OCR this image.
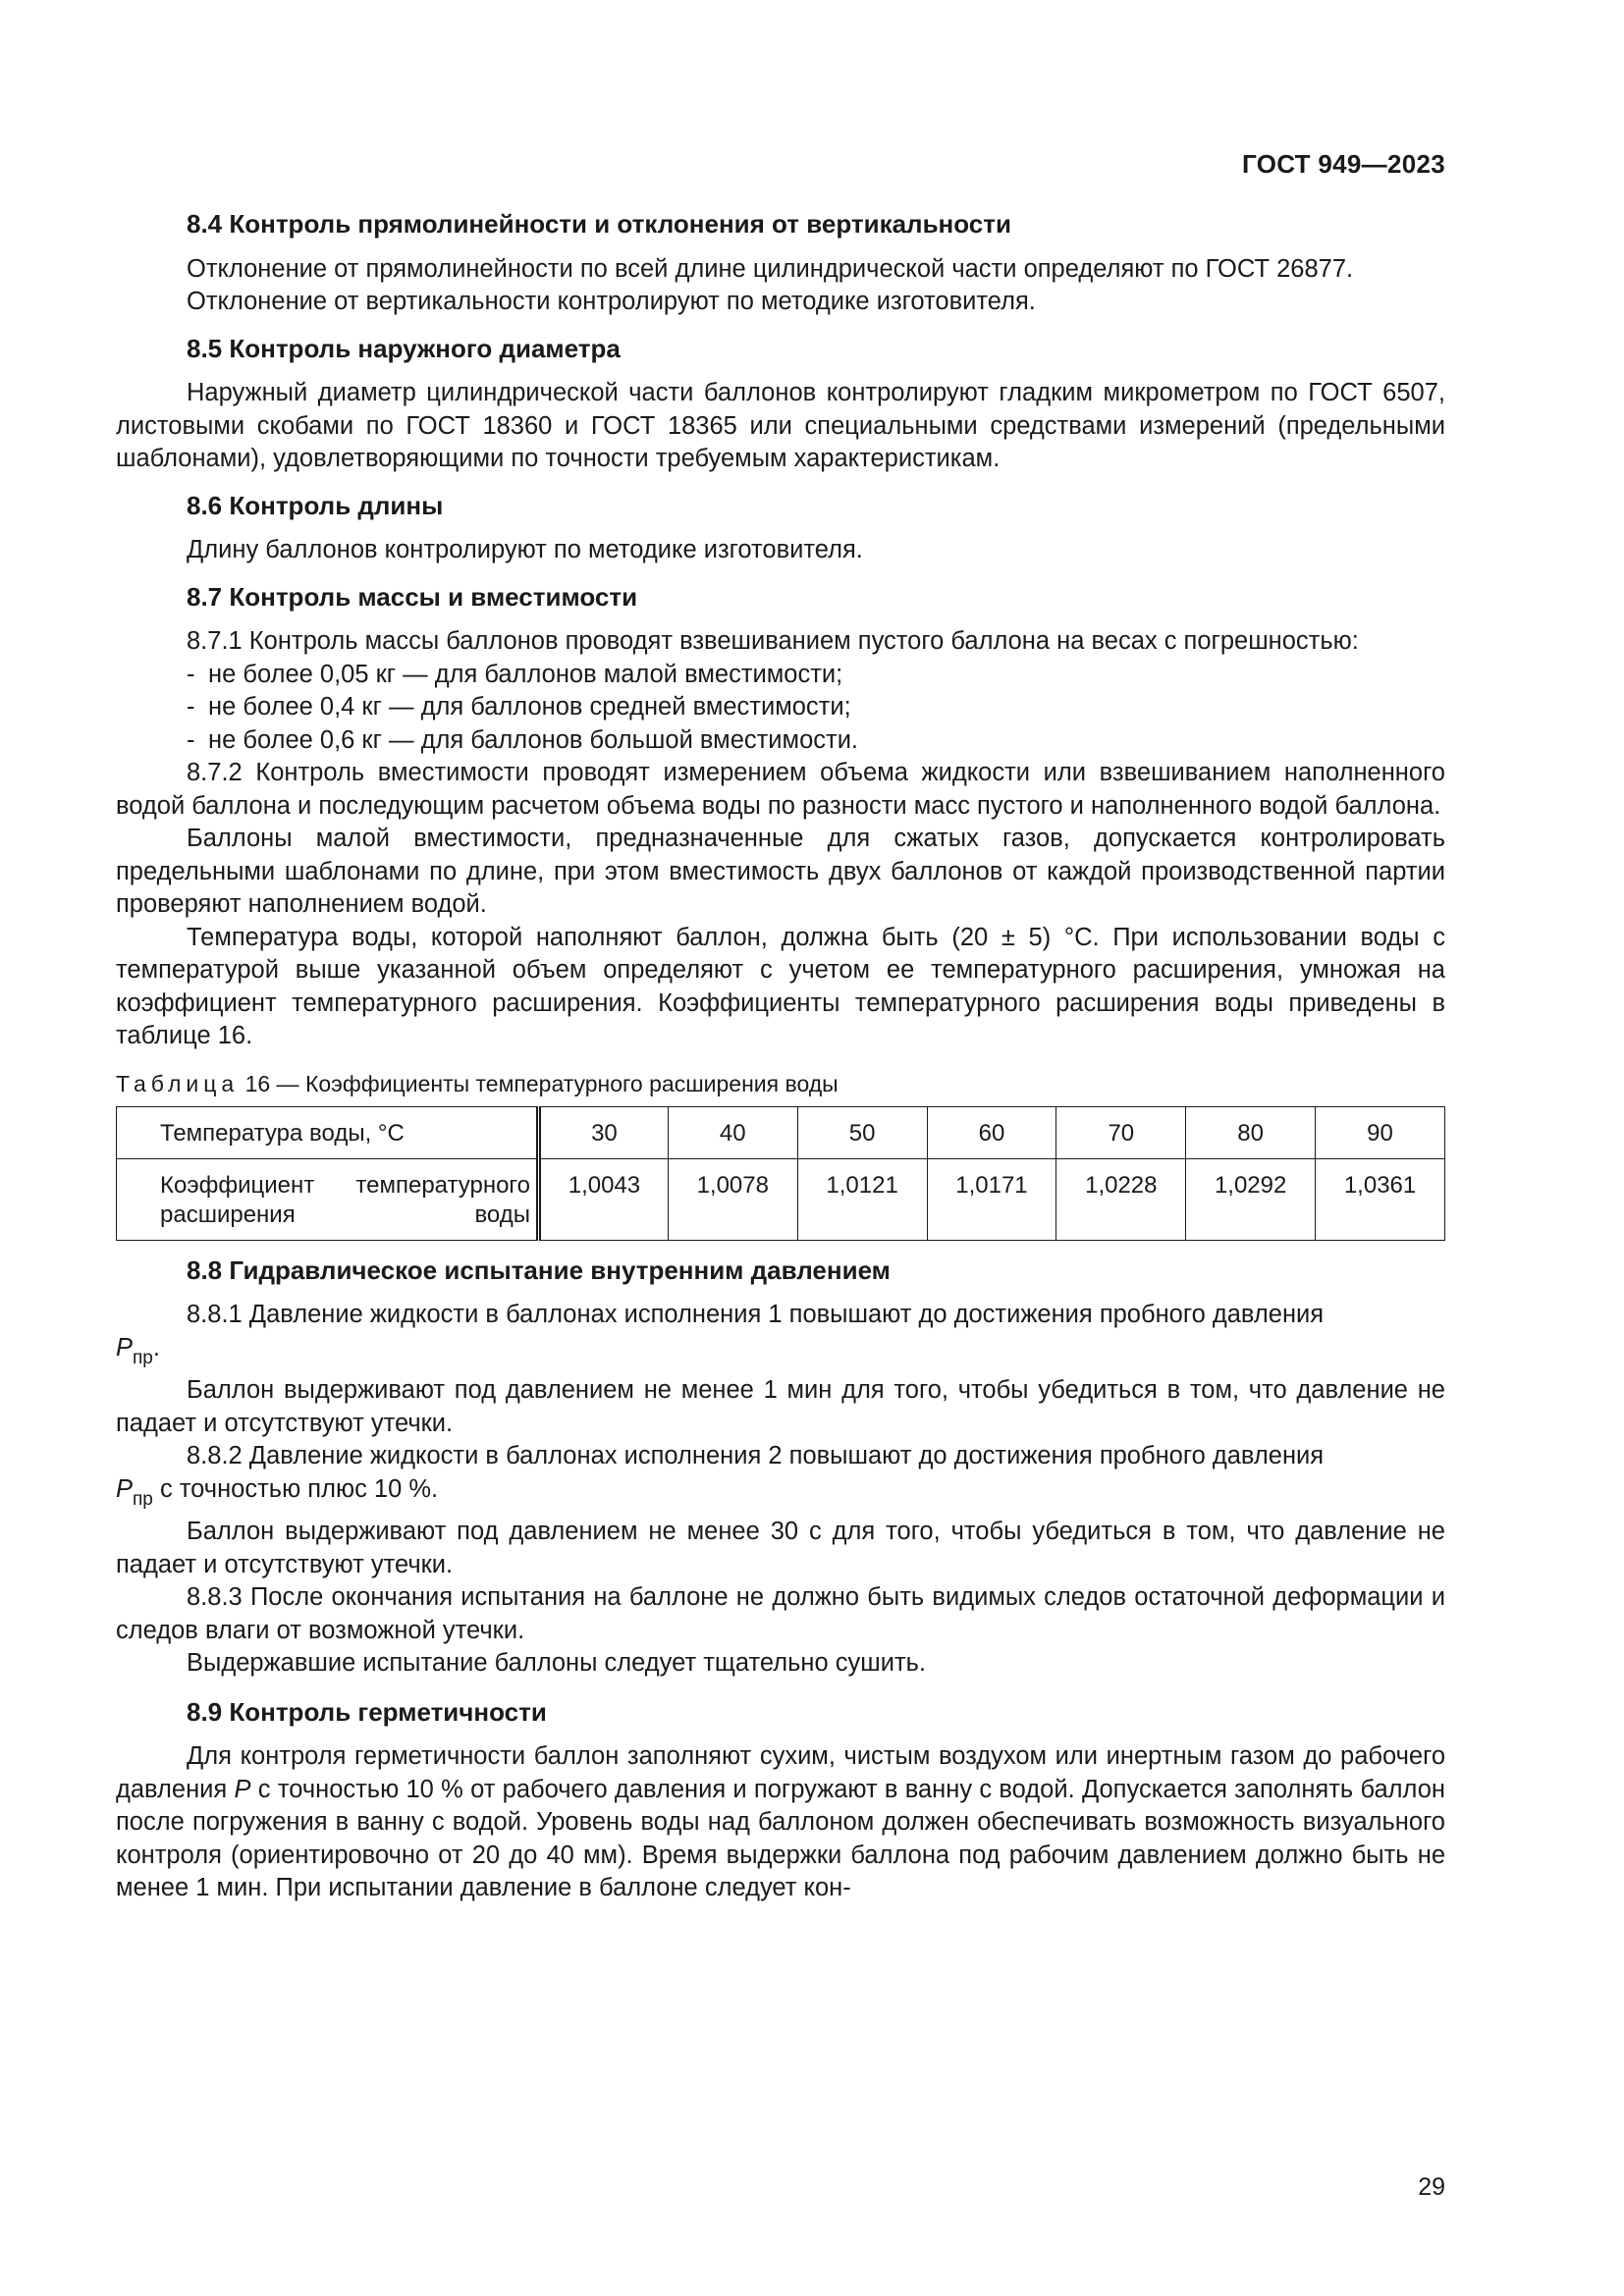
ГОСТ 949—2023

8.4 Контроль прямолинейности и отклонения от вертикальности

Отклонение от прямолинейности по всей длине цилиндрической части определяют по ГОСТ 26877.

Отклонение от вертикальности контролируют по методике изготовителя.

8.5 Контроль наружного диаметра

Наружный диаметр цилиндрической части баллонов контролируют гладким микрометром по ГОСТ 6507, листовыми скобами по ГОСТ 18360 и ГОСТ 18365 или специальными средствами измерений (предельными шаблонами), удовлетворяющими по точности требуемым характеристикам.

8.6 Контроль длины

Длину баллонов контролируют по методике изготовителя.

8.7 Контроль массы и вместимости

8.7.1 Контроль массы баллонов проводят взвешиванием пустого баллона на весах с погрешностью:

- не более 0,05 кг — для баллонов малой вместимости;
- не более 0,4 кг — для баллонов средней вместимости;
- не более 0,6 кг — для баллонов большой вместимости.

8.7.2 Контроль вместимости проводят измерением объема жидкости или взвешиванием наполненного водой баллона и последующим расчетом объема воды по разности масс пустого и наполненного водой баллона.

Баллоны малой вместимости, предназначенные для сжатых газов, допускается контролировать предельными шаблонами по длине, при этом вместимость двух баллонов от каждой производственной партии проверяют наполнением водой.

Температура воды, которой наполняют баллон, должна быть (20 ± 5) °С. При использовании воды с температурой выше указанной объем определяют с учетом ее температурного расширения, умножая на коэффициент температурного расширения. Коэффициенты температурного расширения воды приведены в таблице 16.

Таблица 16 — Коэффициенты температурного расширения воды

Температура воды, °С	30	40	50	60	70	80	90

Коэффициент температурного расширения воды	1,0043	1,0078	1,0121	1,0171	1,0228	1,0292	1,0361

8.8 Гидравлическое испытание внутренним давлением

8.8.1 Давление жидкости в баллонах исполнения 1 повышают до достижения пробного давления

$P_{пр}$.

Баллон выдерживают под давлением не менее 1 мин для того, чтобы убедиться в том, что давление не падает и отсутствуют утечки.

8.8.2 Давление жидкости в баллонах исполнения 2 повышают до достижения пробного давления

$P_{пр}$ с точностью плюс 10 %.

Баллон выдерживают под давлением не менее 30 с для того, чтобы убедиться в том, что давление не падает и отсутствуют утечки.

8.8.3 После окончания испытания на баллоне не должно быть видимых следов остаточной деформации и следов влаги от возможной утечки.

Выдержавшие испытание баллоны следует тщательно сушить.

8.9 Контроль герметичности

Для контроля герметичности баллон заполняют сухим, чистым воздухом или инертным газом до рабочего давления P с точностью 10 % от рабочего давления и погружают в ванну с водой. Допускается заполнять баллон после погружения в ванну с водой. Уровень воды над баллоном должен обеспечивать возможность визуального контроля (ориентировочно от 20 до 40 мм). Время выдержки баллона под рабочим давлением должно быть не менее 1 мин. При испытании давление в баллоне следует кон-

29
